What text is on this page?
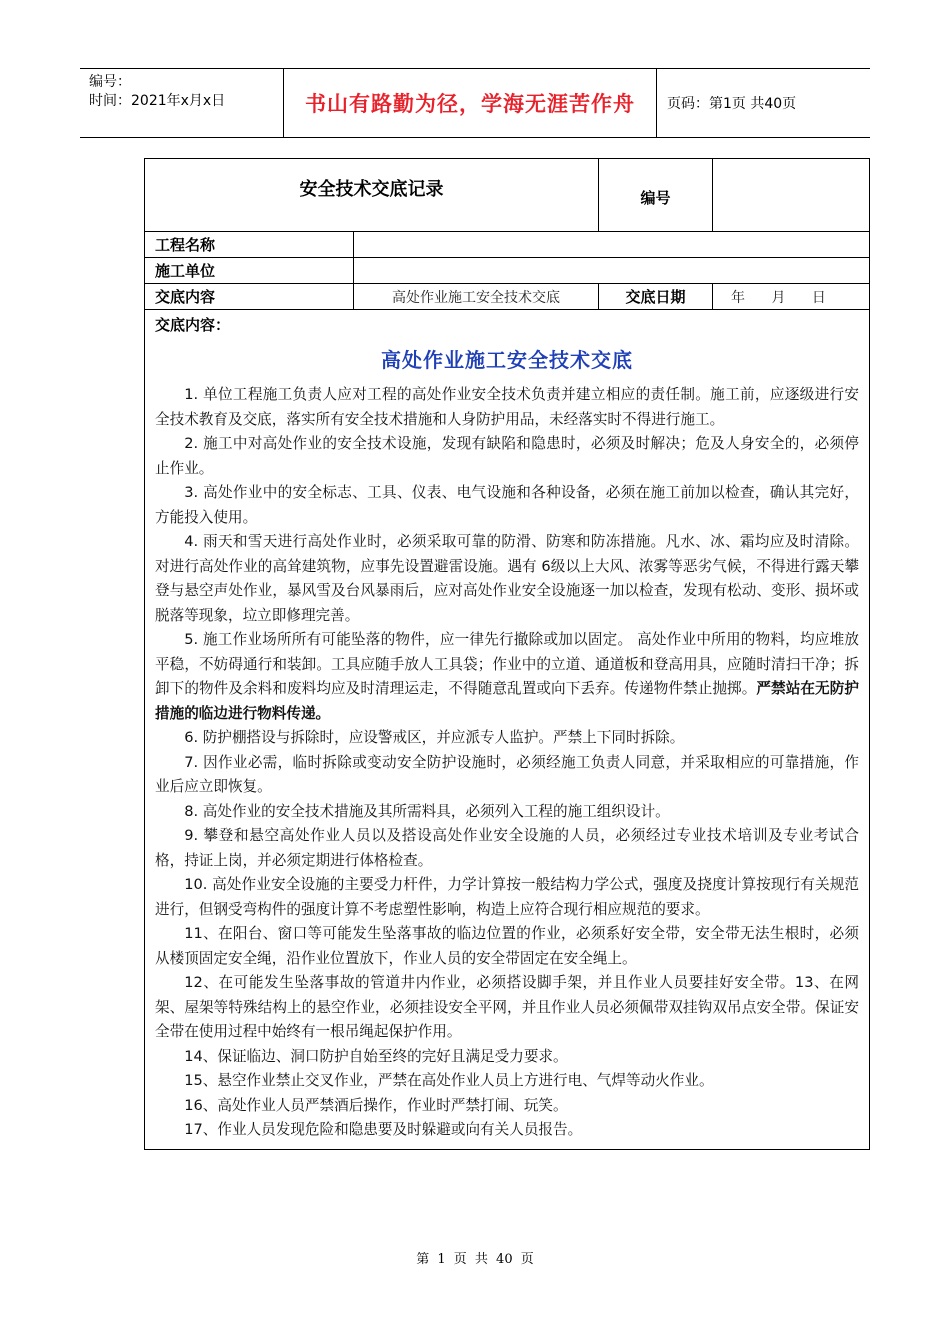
编号：
时间：2021年x月x日	书山有路勤为径，学海无涯苦作舟	页码：第1页 共40页
安全技术交底记录	编号
工程名称
施工单位
交底内容	高处作业施工安全技术交底	交底日期	年 月 日
交底内容：
高处作业施工安全技术交底

1. 单位工程施工负责人应对工程的高处作业安全技术负责并建立相应的责任制。施工前，应逐级进行安全技术教育及交底，落实所有安全技术措施和人身防护用品，未经落实时不得进行施工。

2. 施工中对高处作业的安全技术设施，发现有缺陷和隐患时，必须及时解决；危及人身安全的，必须停止作业。

3. 高处作业中的安全标志、工具、仪表、电气设施和各种设备，必须在施工前加以检查，确认其完好，方能投入使用。

4. 雨天和雪天进行高处作业时，必须采取可靠的防滑、防寒和防冻措施。凡水、冰、霜均应及时清除。对进行高处作业的高耸建筑物，应事先设置避雷设施。遇有 6级以上大风、浓雾等恶劣气候，不得进行露天攀登与悬空声处作业，暴风雪及台风暴雨后，应对高处作业安全设施逐一加以检查，发现有松动、变形、损坏或脱落等现象，垃立即修理完善。

5. 施工作业场所所有可能坠落的物件，应一律先行撤除或加以固定。 高处作业中所用的物料，均应堆放平稳，不妨碍通行和装卸。工具应随手放人工具袋；作业中的立道、通道板和登高用具，应随时清扫干净；拆卸下的物件及余料和废料均应及时清理运走，不得随意乱置或向下丢弃。传递物件禁止抛掷。严禁站在无防护措施的临边进行物料传递。

6. 防护棚搭设与拆除时，应设警戒区，并应派专人监护。严禁上下同时拆除。

7. 因作业必需，临时拆除或变动安全防护设施时，必须经施工负责人同意，并采取相应的可靠措施，作业后应立即恢复。

8. 高处作业的安全技术措施及其所需料具，必须列入工程的施工组织设计。

9. 攀登和悬空高处作业人员以及搭设高处作业安全设施的人员，必须经过专业技术培训及专业考试合格，持证上岗，并必须定期进行体格检查。

10. 高处作业安全设施的主要受力杆件，力学计算按一般结构力学公式，强度及挠度计算按现行有关规范进行，但钢受弯构件的强度计算不考虑塑性影响，构造上应符合现行相应规范的要求。

11、在阳台、窗口等可能发生坠落事故的临边位置的作业，必须系好安全带，安全带无法生根时，必须从楼顶固定安全绳，沿作业位置放下，作业人员的安全带固定在安全绳上。

12、在可能发生坠落事故的管道井内作业，必须搭设脚手架，并且作业人员要挂好安全带。13、在网架、屋架等特殊结构上的悬空作业，必须挂设安全平网，并且作业人员必须佩带双挂钩双吊点安全带。保证安全带在使用过程中始终有一根吊绳起保护作用。

14、保证临边、洞口防护自始至终的完好且满足受力要求。

15、悬空作业禁止交叉作业，严禁在高处作业人员上方进行电、气焊等动火作业。

16、高处作业人员严禁酒后操作，作业时严禁打闹、玩笑。

17、作业人员发现危险和隐患要及时躲避或向有关人员报告。

第 1 页 共 40 页
